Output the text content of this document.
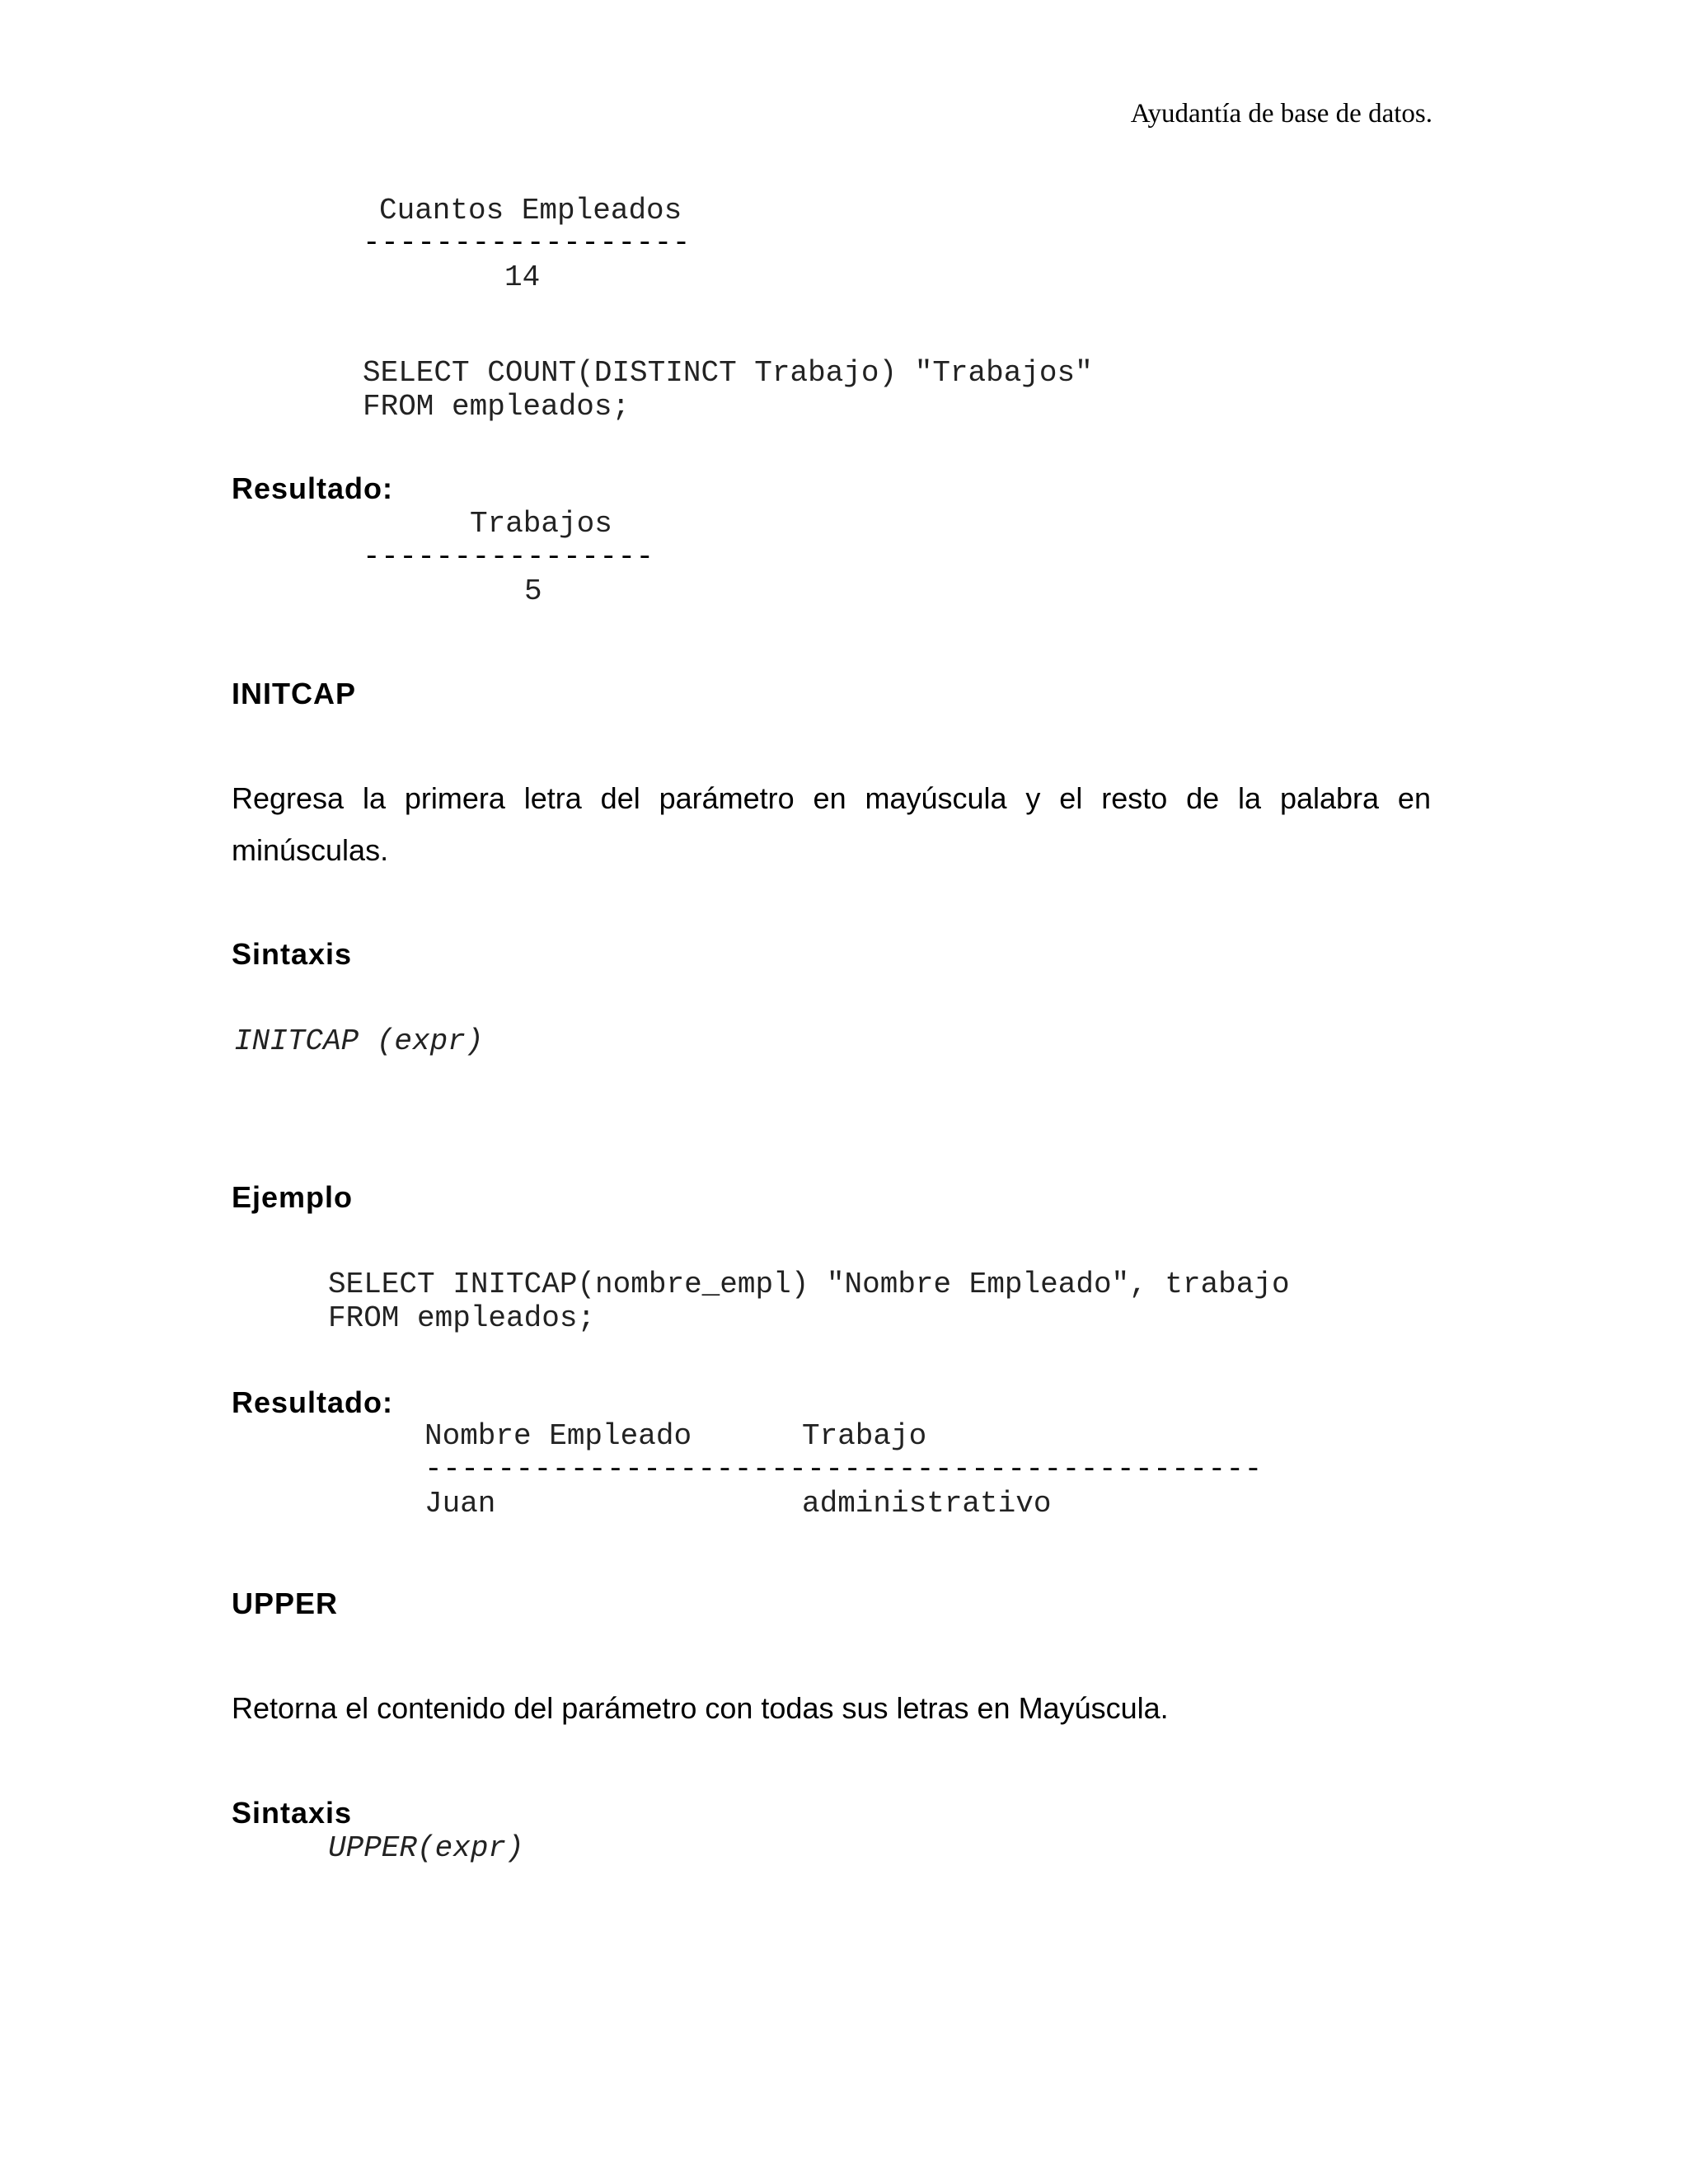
Ayudantía de base de datos.
Cuantos Empleados
------------------
14
SELECT COUNT(DISTINCT Trabajo) "Trabajos"
FROM empleados;
Resultado:
Trabajos
----------------
5
INITCAP
Regresa la primera letra del parámetro en mayúscula y el resto de la palabra en
minúsculas.
Sintaxis
INITCAP (expr)
Ejemplo
SELECT INITCAP(nombre_empl) "Nombre Empleado", trabajo
FROM empleados;
Resultado:
Nombre Empleado	Trabajo
----------------------------------------------
Juan	administrativo
UPPER
Retorna el contenido del parámetro con todas sus letras en Mayúscula.
Sintaxis
UPPER(expr)
